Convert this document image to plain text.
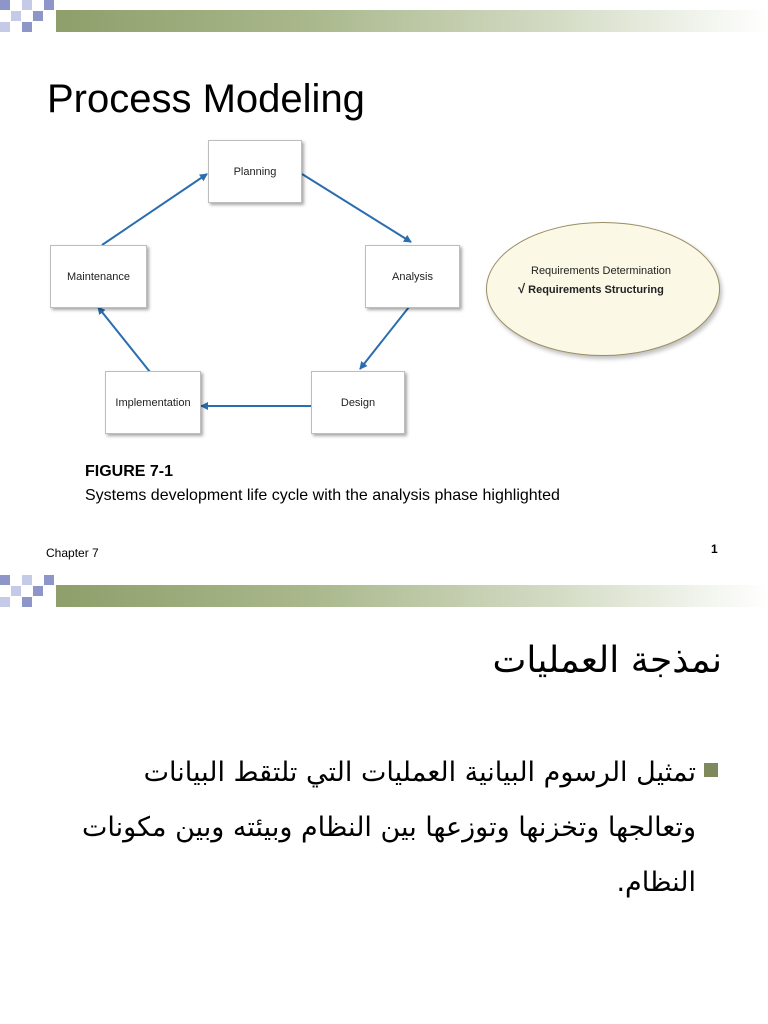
Process Modeling
Planning
Analysis
Design
Implementation
Maintenance	Requirements Determination
√ Requirements Structuring
FIGURE 7-1
Systems development life cycle with the analysis phase highlighted
Chapter 7	1
نمذجة العمليات
تمثيل الرسوم البيانية العمليات التي تلتقط البيانات وتعالجها وتخزنها وتوزعها بين النظام وبيئته وبين مكونات النظام.
